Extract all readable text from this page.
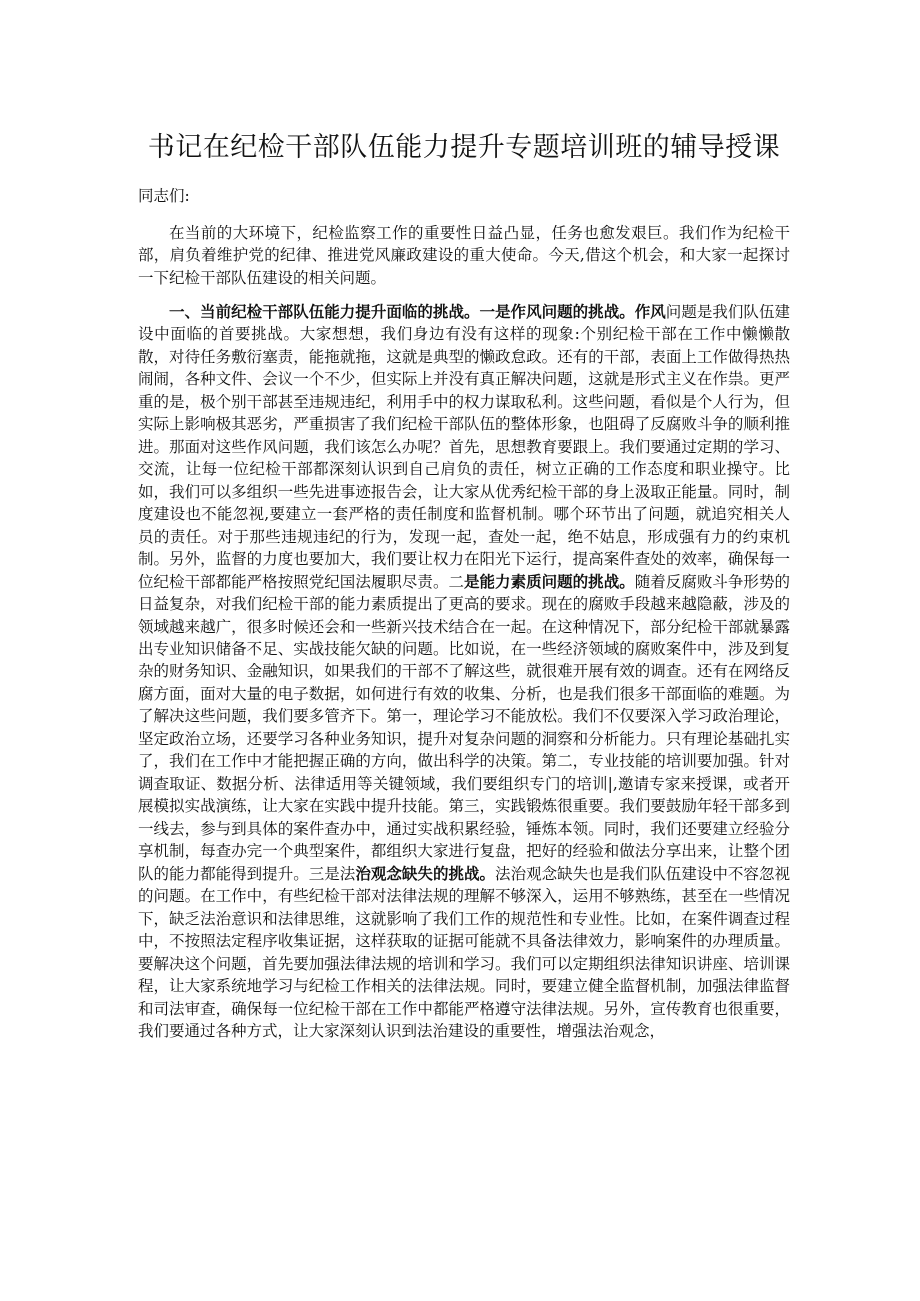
书记在纪检干部队伍能力提升专题培训班的辅导授课

同志们:

在当前的大环境下，纪检监察工作的重要性日益凸显，任务也愈发艰巨。我们作为纪检干部，肩负着维护党的纪律、推进党风廉政建设的重大使命。今天,借这个机会，和大家一起探讨一下纪检干部队伍建设的相关问题。

一、当前纪检干部队伍能力提升面临的挑战。一是作风问题的挑战。作风问题是我们队伍建设中面临的首要挑战。大家想想，我们身边有没有这样的现象:个别纪检干部在工作中懒懒散散，对待任务敷衍塞责，能拖就拖，这就是典型的懒政怠政。还有的干部，表面上工作做得热热闹闹，各种文件、会议一个不少，但实际上并没有真正解决问题，这就是形式主义在作祟。更严重的是，极个别干部甚至违规违纪，利用手中的权力谋取私利。这些问题，看似是个人行为，但实际上影响极其恶劣，严重损害了我们纪检干部队伍的整体形象，也阻碍了反腐败斗争的顺利推进。那面对这些作风问题，我们该怎么办呢？首先，思想教育要跟上。我们要通过定期的学习、交流，让每一位纪检干部都深刻认识到自己肩负的责任，树立正确的工作态度和职业操守。比如，我们可以多组织一些先进事迹报告会，让大家从优秀纪检干部的身上汲取正能量。同时，制度建设也不能忽视,要建立一套严格的责任制度和监督机制。哪个环节出了问题，就追究相关人员的责任。对于那些违规违纪的行为，发现一起，查处一起，绝不姑息，形成强有力的约束机制。另外，监督的力度也要加大，我们要让权力在阳光下运行，提高案件查处的效率，确保每一位纪检干部都能严格按照党纪国法履职尽责。二是能力素质问题的挑战。随着反腐败斗争形势的日益复杂，对我们纪检干部的能力素质提出了更高的要求。现在的腐败手段越来越隐蔽，涉及的领域越来越广，很多时候还会和一些新兴技术结合在一起。在这种情况下，部分纪检干部就暴露出专业知识储备不足、实战技能欠缺的问题。比如说，在一些经济领域的腐败案件中，涉及到复杂的财务知识、金融知识，如果我们的干部不了解这些，就很难开展有效的调查。还有在网络反腐方面，面对大量的电子数据，如何进行有效的收集、分析，也是我们很多干部面临的难题。为了解决这些问题，我们要多管齐下。第一，理论学习不能放松。我们不仅要深入学习政治理论，坚定政治立场，还要学习各种业务知识，提升对复杂问题的洞察和分析能力。只有理论基础扎实了，我们在工作中才能把握正确的方向，做出科学的决策。第二，专业技能的培训要加强。针对调查取证、数据分析、法律适用等关键领域，我们要组织专门的培训|,邀请专家来授课，或者开展模拟实战演练，让大家在实践中提升技能。第三，实践锻炼很重要。我们要鼓励年轻干部多到一线去，参与到具体的案件查办中，通过实战积累经验，锤炼本领。同时，我们还要建立经验分享机制，每查办完一个典型案件，都组织大家进行复盘，把好的经验和做法分享出来，让整个团队的能力都能得到提升。三是法治观念缺失的挑战。法治观念缺失也是我们队伍建设中不容忽视的问题。在工作中，有些纪检干部对法律法规的理解不够深入，运用不够熟练，甚至在一些情况下，缺乏法治意识和法律思维，这就影响了我们工作的规范性和专业性。比如，在案件调查过程中，不按照法定程序收集证据，这样获取的证据可能就不具备法律效力，影响案件的办理质量。要解决这个问题，首先要加强法律法规的培训和学习。我们可以定期组织法律知识讲座、培训课程，让大家系统地学习与纪检工作相关的法律法规。同时，要建立健全监督机制，加强法律监督和司法审查，确保每一位纪检干部在工作中都能严格遵守法律法规。另外，宣传教育也很重要，我们要通过各种方式，让大家深刻认识到法治建设的重要性，增强法治观念，
